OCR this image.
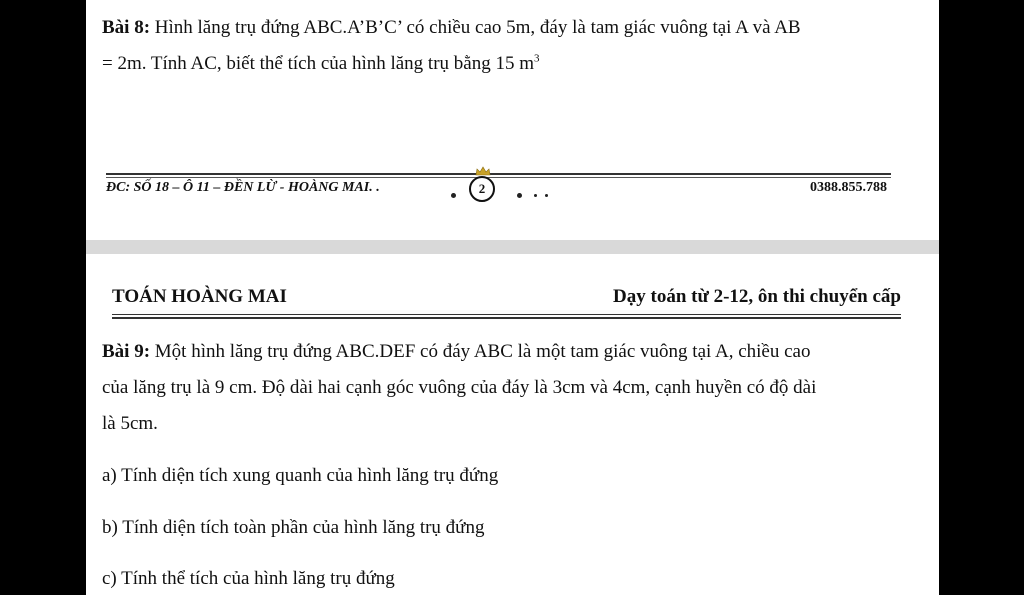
Bài 8: Hình lăng trụ đứng ABC.A’B’C’ có chiều cao 5m, đáy là tam giác vuông tại A và AB
= 2m. Tính AC, biết thể tích của hình lăng trụ bằng 15 $m^3$

ĐC: SỐ 18 – Ô 11 – ĐỀN LỪ - HOÀNG MAI. .	2	0388.855.788
TOÁN HOÀNG MAI	Dạy toán từ 2-12, ôn thi chuyển cấp

Bài 9: Một hình lăng trụ đứng ABC.DEF có đáy ABC là một tam giác vuông tại A, chiều cao
của lăng trụ là 9 cm. Độ dài hai cạnh góc vuông của đáy là 3cm và 4cm, cạnh huyền có độ dài
là 5cm.

a) Tính diện tích xung quanh của hình lăng trụ đứng

b) Tính diện tích toàn phần của hình lăng trụ đứng

c) Tính thể tích của hình lăng trụ đứng
